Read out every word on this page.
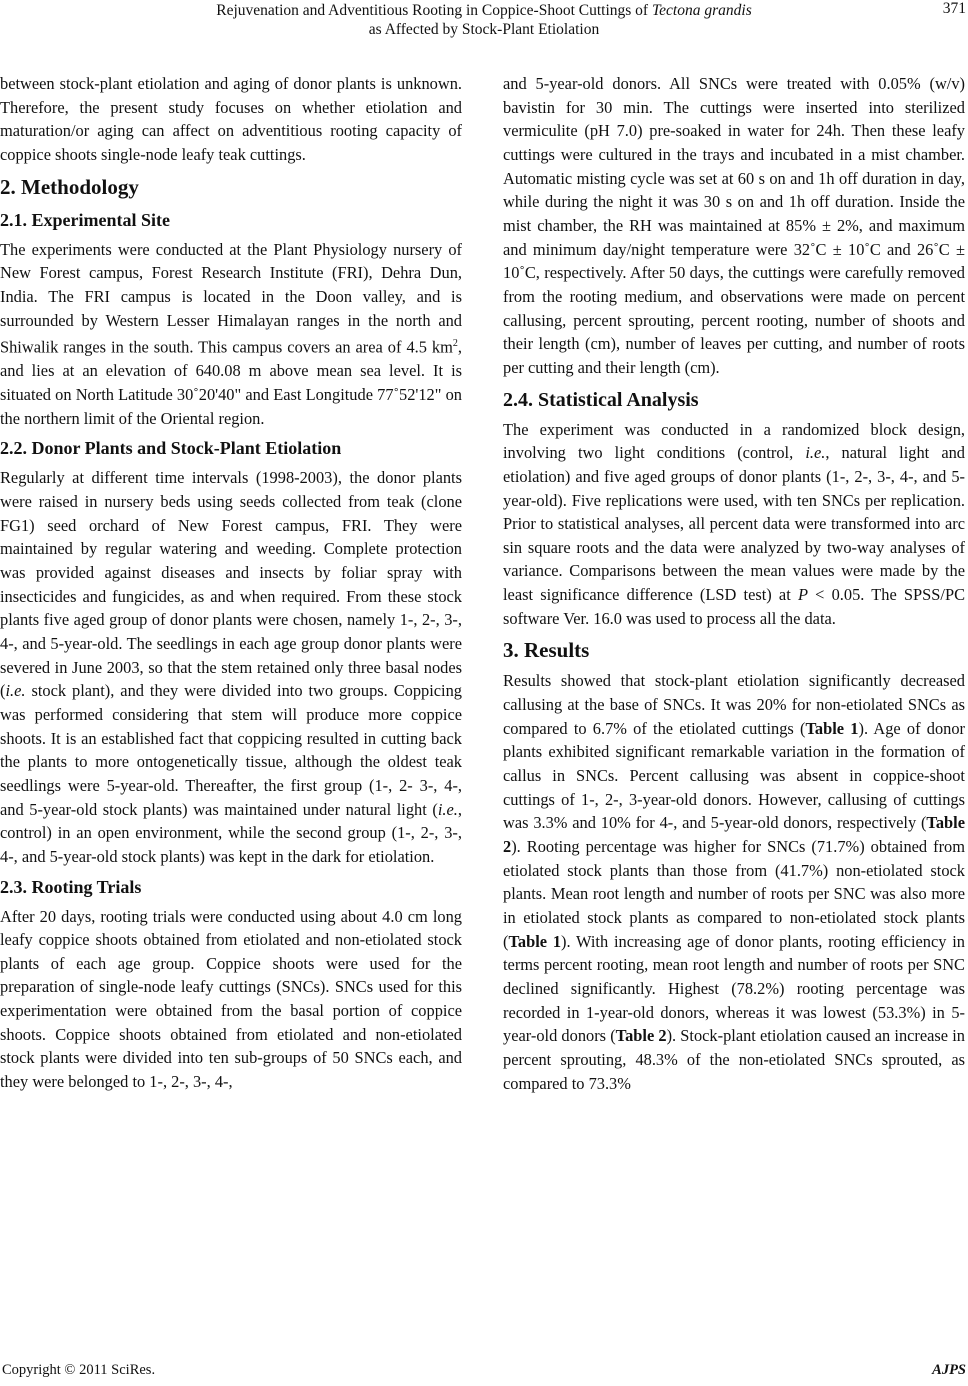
Rejuvenation and Adventitious Rooting in Coppice-Shoot Cuttings of Tectona grandis
as Affected by Stock-Plant Etiolation
371

between stock-plant etiolation and aging of donor plants is unknown. Therefore, the present study focuses on whether etiolation and maturation/or aging can affect on adventitious rooting capacity of coppice shoots single-node leafy teak cuttings.

2. Methodology
2.1. Experimental Site

The experiments were conducted at the Plant Physiology nursery of New Forest campus, Forest Research Institute (FRI), Dehra Dun, India. The FRI campus is located in the Doon valley, and is surrounded by Western Lesser Himalayan ranges in the north and Shiwalik ranges in the south. This campus covers an area of 4.5 $km^2$, and lies at an elevation of 640.08 m above mean sea level. It is situated on North Latitude 30˚20'40" and East Longitude 77˚52'12" on the northern limit of the Oriental region.

2.2. Donor Plants and Stock-Plant Etiolation

Regularly at different time intervals (1998-2003), the donor plants were raised in nursery beds using seeds collected from teak (clone FG1) seed orchard of New Forest campus, FRI. They were maintained by regular watering and weeding. Complete protection was provided against diseases and insects by foliar spray with insecticides and fungicides, as and when required. From these stock plants five aged group of donor plants were chosen, namely 1-, 2-, 3-, 4-, and 5-year-old. The seedlings in each age group donor plants were severed in June 2003, so that the stem retained only three basal nodes (i.e. stock plant), and they were divided into two groups. Coppicing was performed considering that stem will produce more coppice shoots. It is an established fact that coppicing resulted in cutting back the plants to more ontogenetically tissue, although the oldest teak seedlings were 5-year-old. Thereafter, the first group (1-, 2- 3-, 4-, and 5-year-old stock plants) was maintained under natural light (i.e., control) in an open environment, while the second group (1-, 2-, 3-, 4-, and 5-year-old stock plants) was kept in the dark for etiolation.

2.3. Rooting Trials

After 20 days, rooting trials were conducted using about 4.0 cm long leafy coppice shoots obtained from etiolated and non-etiolated stock plants of each age group. Coppice shoots were used for the preparation of single-node leafy cuttings (SNCs). SNCs used for this experimentation were obtained from the basal portion of coppice shoots. Coppice shoots obtained from etiolated and non-etiolated stock plants were divided into ten sub-groups of 50 SNCs each, and they were belonged to 1-, 2-, 3-, 4-,

and 5-year-old donors. All SNCs were treated with 0.05% (w/v) bavistin for 30 min. The cuttings were inserted into sterilized vermiculite (pH 7.0) pre-soaked in water for 24h. Then these leafy cuttings were cultured in the trays and incubated in a mist chamber. Automatic misting cycle was set at 60 s on and 1h off duration in day, while during the night it was 30 s on and 1h off duration. Inside the mist chamber, the RH was maintained at 85% ± 2%, and maximum and minimum day/night temperature were 32˚C ± 10˚C and 26˚C ± 10˚C, respectively. After 50 days, the cuttings were carefully removed from the rooting medium, and observations were made on percent callusing, percent sprouting, percent rooting, number of shoots and their length (cm), number of leaves per cutting, and number of roots per cutting and their length (cm).

2.4. Statistical Analysis

The experiment was conducted in a randomized block design, involving two light conditions (control, i.e., natural light and etiolation) and five aged groups of donor plants (1-, 2-, 3-, 4-, and 5-year-old). Five replications were used, with ten SNCs per replication. Prior to statistical analyses, all percent data were transformed into arc sin square roots and the data were analyzed by two-way analyses of variance. Comparisons between the mean values were made by the least significance difference (LSD test) at P < 0.05. The SPSS/PC software Ver. 16.0 was used to process all the data.

3. Results

Results showed that stock-plant etiolation significantly decreased callusing at the base of SNCs. It was 20% for non-etiolated SNCs as compared to 6.7% of the etiolated cuttings (Table 1). Age of donor plants exhibited significant remarkable variation in the formation of callus in SNCs. Percent callusing was absent in coppice-shoot cuttings of 1-, 2-, 3-year-old donors. However, callusing of cuttings was 3.3% and 10% for 4-, and 5-year-old donors, respectively (Table 2). Rooting percentage was higher for SNCs (71.7%) obtained from etiolated stock plants than those from (41.7%) non-etiolated stock plants. Mean root length and number of roots per SNC was also more in etiolated stock plants as compared to non-etiolated stock plants (Table 1). With increasing age of donor plants, rooting efficiency in terms percent rooting, mean root length and number of roots per SNC declined significantly. Highest (78.2%) rooting percentage was recorded in 1-year-old donors, whereas it was lowest (53.3%) in 5-year-old donors (Table 2). Stock-plant etiolation caused an increase in percent sprouting, 48.3% of the non-etiolated SNCs sprouted, as compared to 73.3%

Copyright © 2011 SciRes.	AJPS
